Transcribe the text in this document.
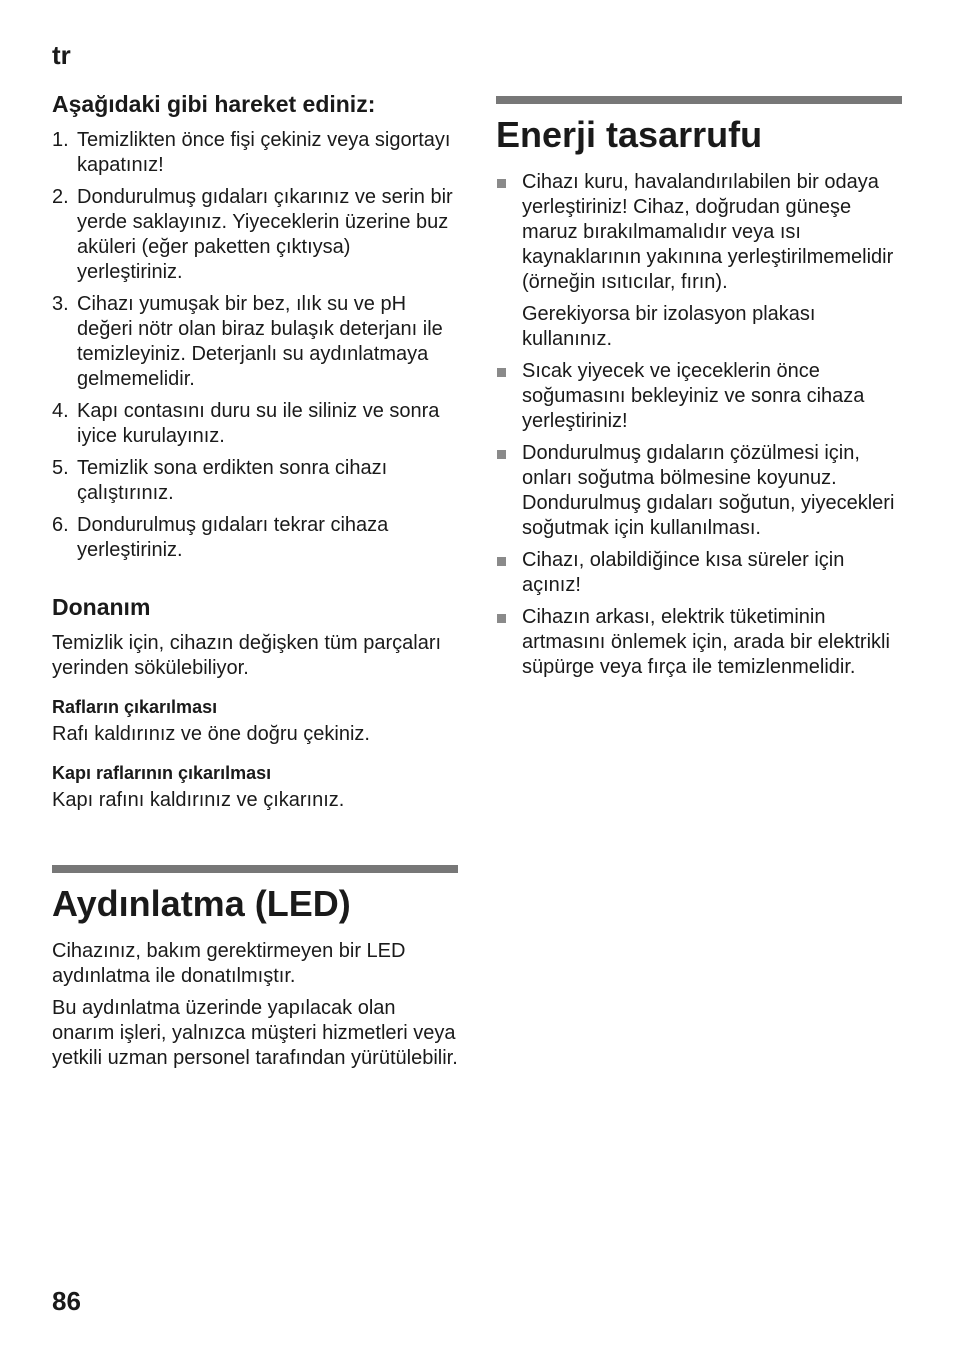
tr
Aşağıdaki gibi hareket ediniz:
1. Temizlikten önce fişi çekiniz veya sigortayı kapatınız!
2. Dondurulmuş gıdaları çıkarınız ve serin bir yerde saklayınız. Yiyeceklerin üzerine buz aküleri (eğer paketten çıktıysa) yerleştiriniz.
3. Cihazı yumuşak bir bez, ılık su ve pH değeri nötr olan biraz bulaşık deterjanı ile temizleyiniz. Deterjanlı su aydınlatmaya gelmemelidir.
4. Kapı contasını duru su ile siliniz ve sonra iyice kurulayınız.
5. Temizlik sona erdikten sonra cihazı çalıştırınız.
6. Dondurulmuş gıdaları tekrar cihaza yerleştiriniz.
Donanım

Temizlik için, cihazın değişken tüm parçaları yerinden sökülebiliyor.

Rafların çıkarılması

Rafı kaldırınız ve öne doğru çekiniz.

Kapı raflarının çıkarılması

Kapı rafını kaldırınız ve çıkarınız.

Aydınlatma (LED)

Cihazınız, bakım gerektirmeyen bir LED aydınlatma ile donatılmıştır.

Bu aydınlatma üzerinde yapılacak olan onarım işleri, yalnızca müşteri hizmetleri veya yetkili uzman personel tarafından yürütülebilir.

Enerji tasarrufu
Cihazı kuru, havalandırılabilen bir odaya yerleştiriniz! Cihaz, doğrudan güneşe maruz bırakılmamalıdır veya ısı kaynaklarının yakınına yerleştirilmemelidir (örneğin ısıtıcılar, fırın).
Gerekiyorsa bir izolasyon plakası kullanınız.
Sıcak yiyecek ve içeceklerin önce soğumasını bekleyiniz ve sonra cihaza yerleştiriniz!
Dondurulmuş gıdaların çözülmesi için, onları soğutma bölmesine koyunuz. Dondurulmuş gıdaları soğutun, yiyecekleri soğutmak için kullanılması.
Cihazı, olabildiğince kısa süreler için açınız!
Cihazın arkası, elektrik tüketiminin artmasını önlemek için, arada bir elektrikli süpürge veya fırça ile temizlenmelidir.
86
